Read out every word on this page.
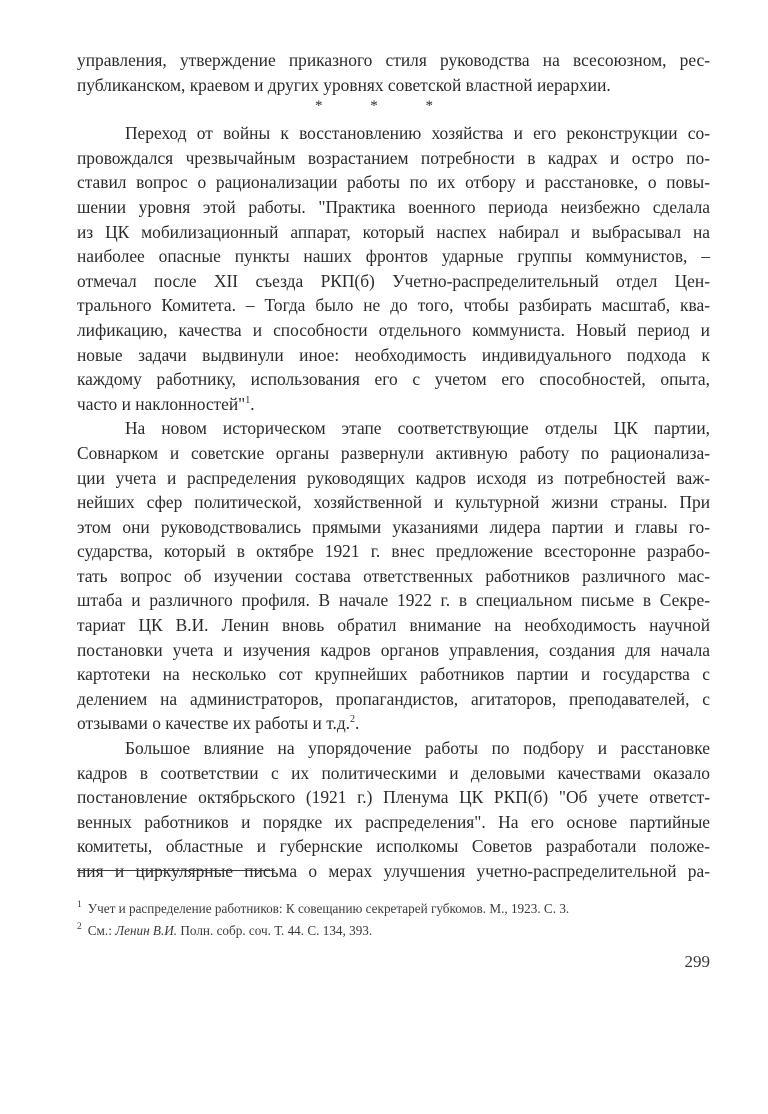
управления, утверждение приказного стиля руководства на всесоюзном, рес-
публиканском, краевом и других уровнях советской властной иерархии.
* * *
Переход от войны к восстановлению хозяйства и его реконструкции со-
провождался чрезвычайным возрастанием потребности в кадрах и остро по-
ставил вопрос о рационализации работы по их отбору и расстановке, о повы-
шении уровня этой работы. "Практика военного периода неизбежно сделала
из ЦК мобилизационный аппарат, который наспех набирал и выбрасывал на
наиболее опасные пункты наших фронтов ударные группы коммунистов, –
отмечал после XII съезда РКП(б) Учетно-распределительный отдел Цен-
трального Комитета. – Тогда было не до того, чтобы разбирать масштаб, ква-
лификацию, качества и способности отдельного коммуниста. Новый период и
новые задачи выдвинули иное: необходимость индивидуального подхода к
каждому работнику, использования его с учетом его способностей, опыта,
часто и наклонностей"$^1$.
На новом историческом этапе соответствующие отделы ЦК партии,
Совнарком и советские органы развернули активную работу по рационализа-
ции учета и распределения руководящих кадров исходя из потребностей важ-
нейших сфер политической, хозяйственной и культурной жизни страны. При
этом они руководствовались прямыми указаниями лидера партии и главы го-
сударства, который в октябре 1921 г. внес предложение всесторонне разрабо-
тать вопрос об изучении состава ответственных работников различного мас-
штаба и различного профиля. В начале 1922 г. в специальном письме в Секре-
тариат ЦК В.И. Ленин вновь обратил внимание на необходимость научной
постановки учета и изучения кадров органов управления, создания для начала
картотеки на несколько сот крупнейших работников партии и государства с
делением на администраторов, пропагандистов, агитаторов, преподавателей, с
отзывами о качестве их работы и т.д.$^2$.
Большое влияние на упорядочение работы по подбору и расстановке
кадров в соответствии с их политическими и деловыми качествами оказало
постановление октябрьского (1921 г.) Пленума ЦК РКП(б) "Об учете ответст-
венных работников и порядке их распределения". На его основе партийные
комитеты, областные и губернские исполкомы Советов разработали положе-
ния и циркулярные письма о мерах улучшения учетно-распределительной ра-
$^1$ Учет и распределение работников: К совещанию секретарей губкомов. М., 1923. С. 3.
$^2$ См.: Ленин В.И. Полн. собр. соч. Т. 44. С. 134, 393.
299
